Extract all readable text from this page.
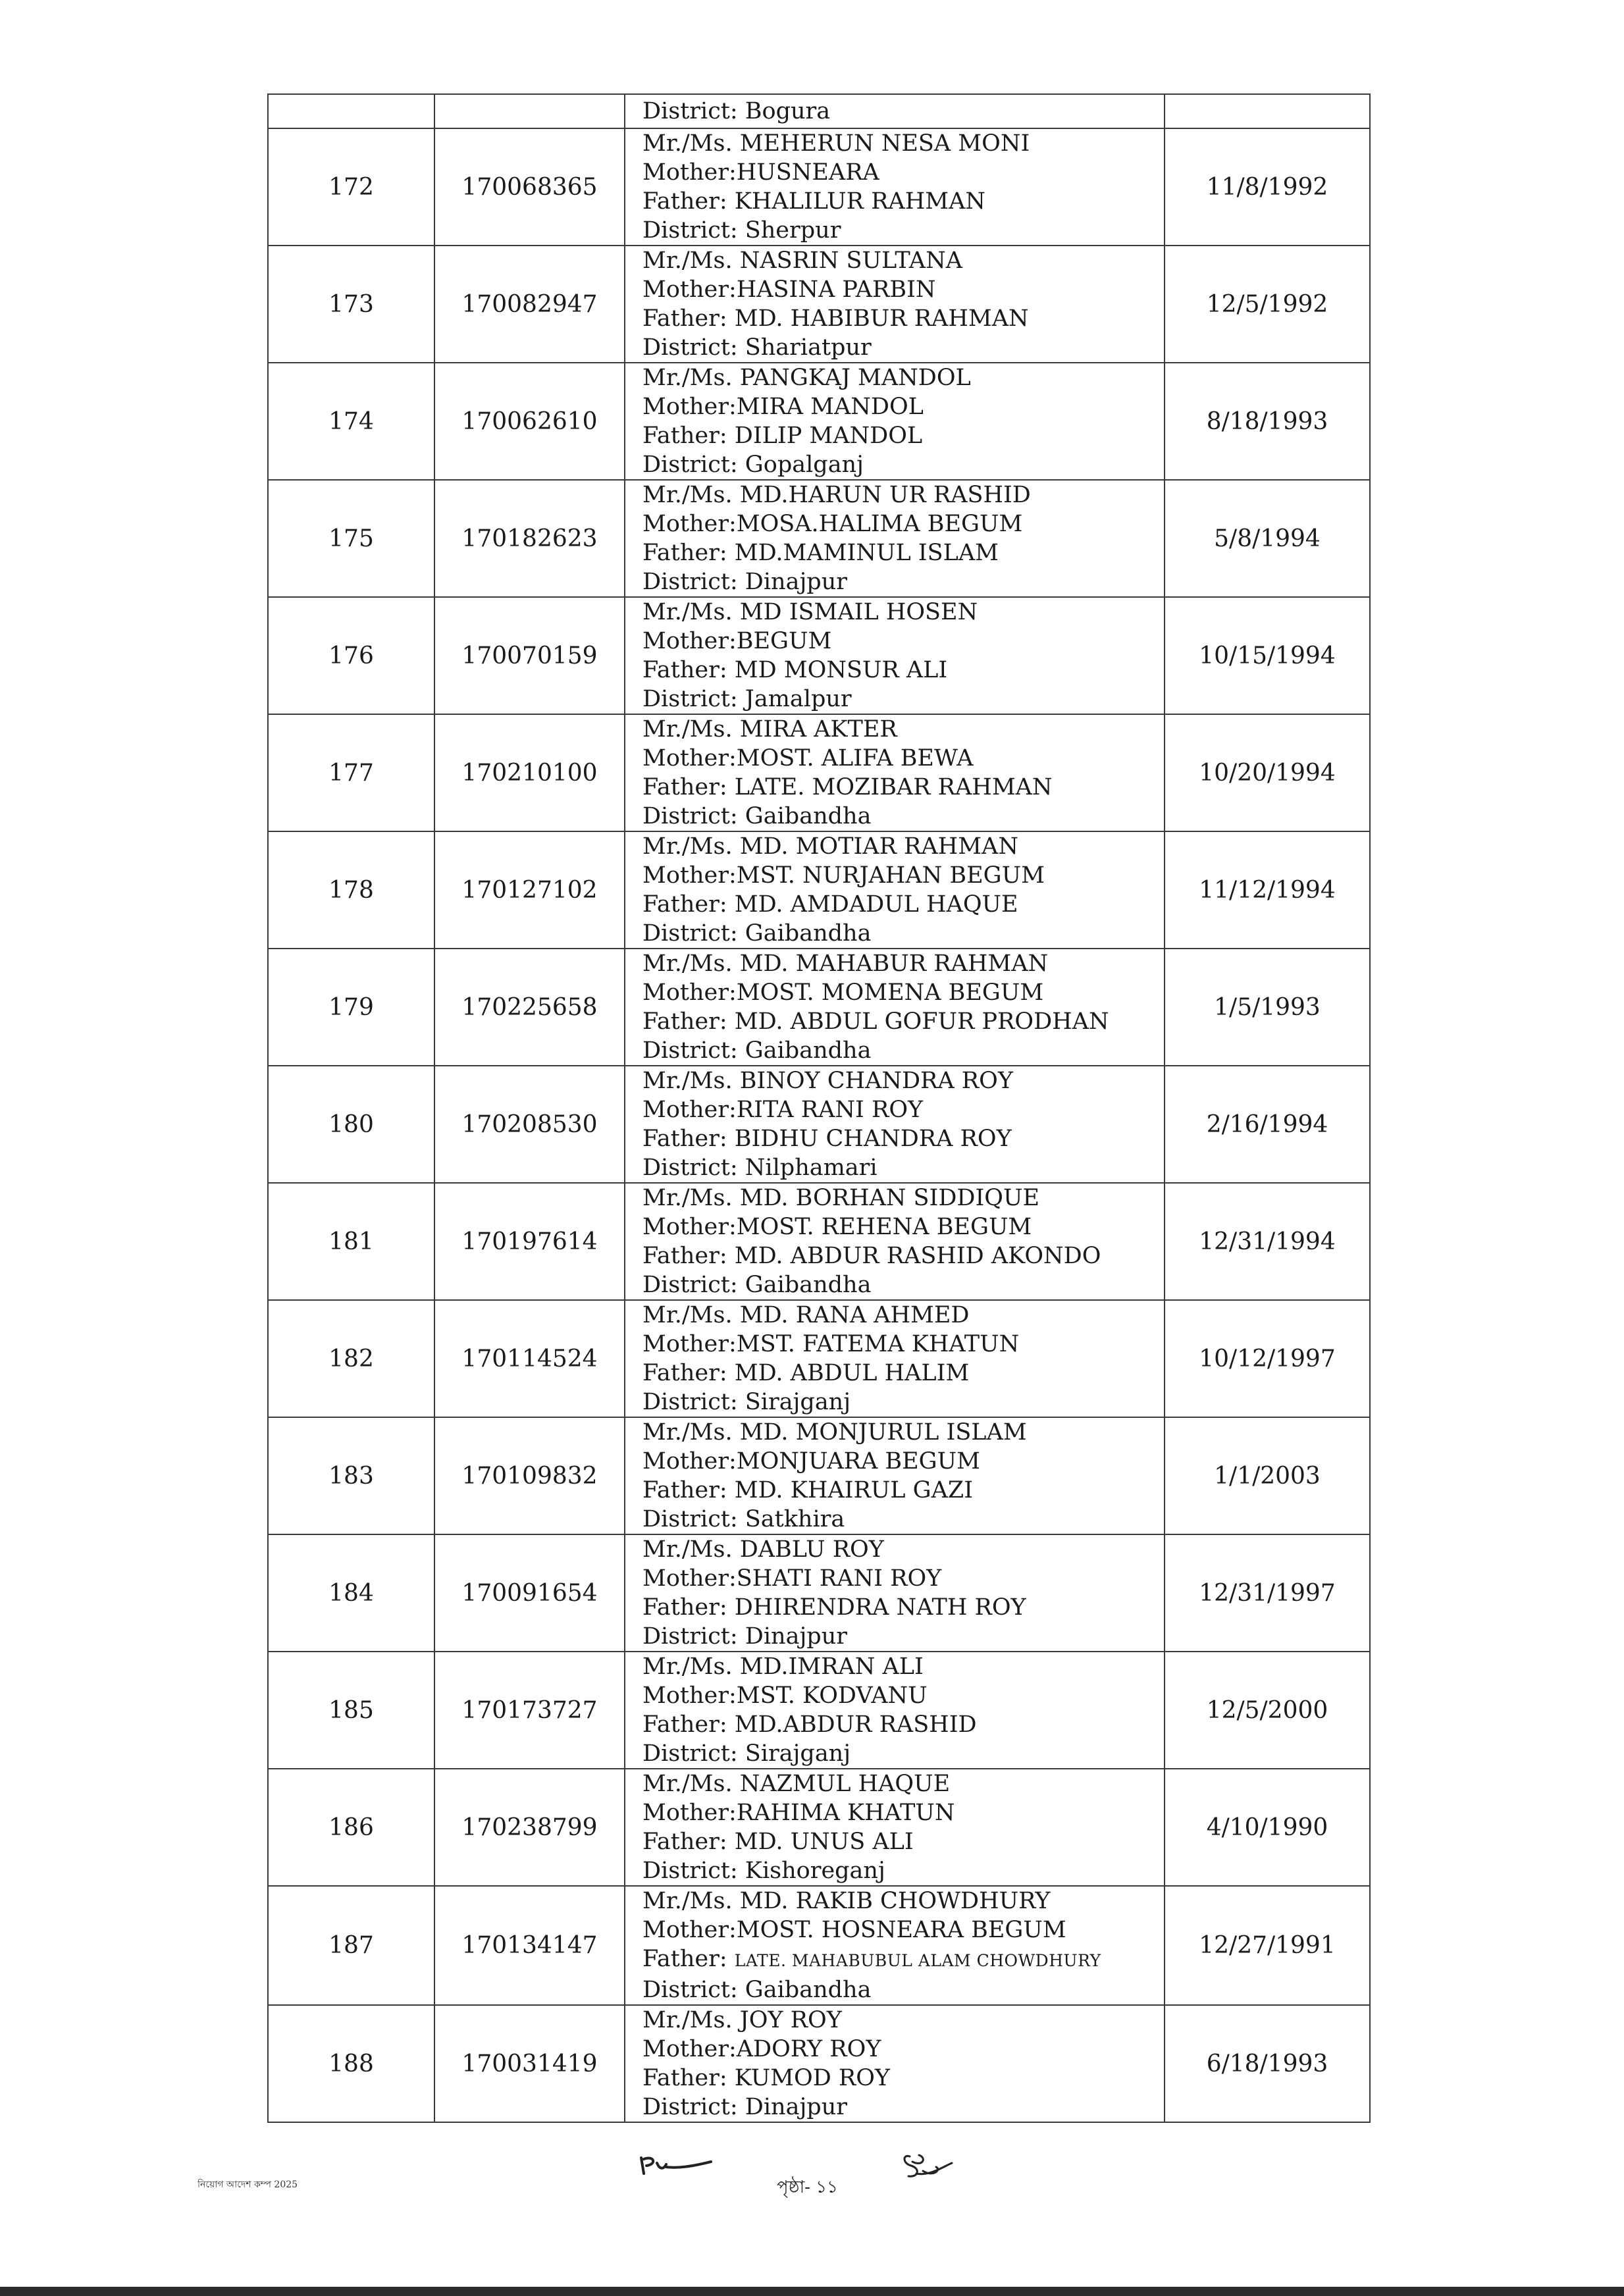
		District: Bogura	

172	170068365	Mr./Ms. MEHERUN NESA MONI
Mother:HUSNEARA
Father: KHALILUR RAHMAN
District: Sherpur	11/8/1992
173	170082947	Mr./Ms. NASRIN SULTANA
Mother:HASINA PARBIN
Father: MD. HABIBUR RAHMAN
District: Shariatpur	12/5/1992
174	170062610	Mr./Ms. PANGKAJ MANDOL
Mother:MIRA MANDOL
Father: DILIP MANDOL
District: Gopalganj	8/18/1993
175	170182623	Mr./Ms. MD.HARUN UR RASHID
Mother:MOSA.HALIMA BEGUM
Father: MD.MAMINUL ISLAM
District: Dinajpur	5/8/1994
176	170070159	Mr./Ms. MD ISMAIL HOSEN
Mother:BEGUM
Father: MD MONSUR ALI
District: Jamalpur	10/15/1994
177	170210100	Mr./Ms. MIRA AKTER
Mother:MOST. ALIFA BEWA
Father: LATE. MOZIBAR RAHMAN
District: Gaibandha	10/20/1994
178	170127102	Mr./Ms. MD. MOTIAR RAHMAN
Mother:MST. NURJAHAN BEGUM
Father: MD. AMDADUL HAQUE
District: Gaibandha	11/12/1994
179	170225658	Mr./Ms. MD. MAHABUR RAHMAN
Mother:MOST. MOMENA BEGUM
Father: MD. ABDUL GOFUR PRODHAN
District: Gaibandha	1/5/1993
180	170208530	Mr./Ms. BINOY CHANDRA ROY
Mother:RITA RANI ROY
Father: BIDHU CHANDRA ROY
District: Nilphamari	2/16/1994
181	170197614	Mr./Ms. MD. BORHAN SIDDIQUE
Mother:MOST. REHENA BEGUM
Father: MD. ABDUR RASHID AKONDO
District: Gaibandha	12/31/1994
182	170114524	Mr./Ms. MD. RANA AHMED
Mother:MST. FATEMA KHATUN
Father: MD. ABDUL HALIM
District: Sirajganj	10/12/1997
183	170109832	Mr./Ms. MD. MONJURUL ISLAM
Mother:MONJUARA BEGUM
Father: MD. KHAIRUL GAZI
District: Satkhira	1/1/2003
184	170091654	Mr./Ms. DABLU ROY
Mother:SHATI RANI ROY
Father: DHIRENDRA NATH ROY
District: Dinajpur	12/31/1997
185	170173727	Mr./Ms. MD.IMRAN ALI
Mother:MST. KODVANU
Father: MD.ABDUR RASHID
District: Sirajganj	12/5/2000
186	170238799	Mr./Ms. NAZMUL HAQUE
Mother:RAHIMA KHATUN
Father: MD. UNUS ALI
District: Kishoreganj	4/10/1990
187	170134147	Mr./Ms. MD. RAKIB CHOWDHURY
Mother:MOST. HOSNEARA BEGUM
Father: LATE. MAHABUBUL ALAM CHOWDHURY
District: Gaibandha	12/27/1991
188	170031419	Mr./Ms. JOY ROY
Mother:ADORY ROY
Father: KUMOD ROY
District: Dinajpur	6/18/1993
নিয়োগ আদেশ কম্প 2025	পৃষ্ঠা- ১১
